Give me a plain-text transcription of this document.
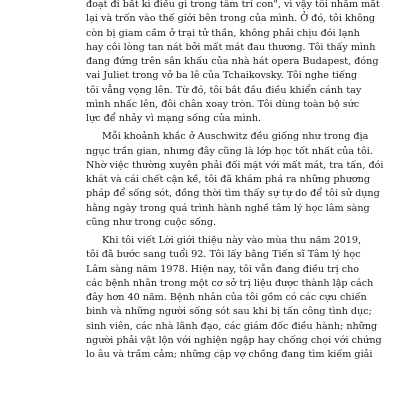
đoạt đi bất kì điều gì trong tâm trí con", vì vậy tôi nhắm mắt
lại và trốn vào thế giới bên trong của mình. Ở đó, tôi không
còn bị giam cầm ở trại tử thần, không phải chịu đói lạnh
hay côi lòng tan nát bởi mất mát đau thương. Tôi thấy mình
đang đứng trên sân khấu của nhà hát opera Budapest, đóng
vai Juliet trong vở ba lê của Tchaikovsky. Tôi nghe tiếng
tôi vẳng vọng lên. Từ đó, tôi bắt đầu điều khiển cánh tay
mình nhấc lên, đôi chân xoay tròn. Tôi dùng toàn bộ sức
lực để nhảy vì mạng sống của mình.
Mỗi khoảnh khắc ở Auschwitz đều giống như trong địa
ngục trần gian, nhưng đây cũng là lớp học tốt nhất của tôi.
Nhờ việc thường xuyên phải đối mặt với mất mát, tra tấn, đói
khát và cái chết cận kề, tôi đã khám phá ra những phương
pháp để sống sót, đồng thời tìm thấy sự tự do để tôi sử dụng
hằng ngày trong quá trình hành nghề tâm lý học lâm sàng
cũng như trong cuộc sống.
Khi tôi viết Lời giới thiệu này vào mùa thu năm 2019,
tôi đã bước sang tuổi 92. Tôi lấy bằng Tiến sĩ Tâm lý học
Lâm sàng năm 1978. Hiện nay, tôi vẫn đang điều trị cho
các bệnh nhân trong một cơ sở trị liệu được thành lập cách
đây hơn 40 năm. Bệnh nhân của tôi gồm có các cựu chiến
binh và những người sống sót sau khi bị tấn công tình dục;
sinh viên, các nhà lãnh đạo, các giám đốc điều hành; những
người phải vật lộn với nghiện ngập hay chống chọi với chứng
lo âu và trầm cảm; những cặp vợ chồng đang tìm kiếm giải
